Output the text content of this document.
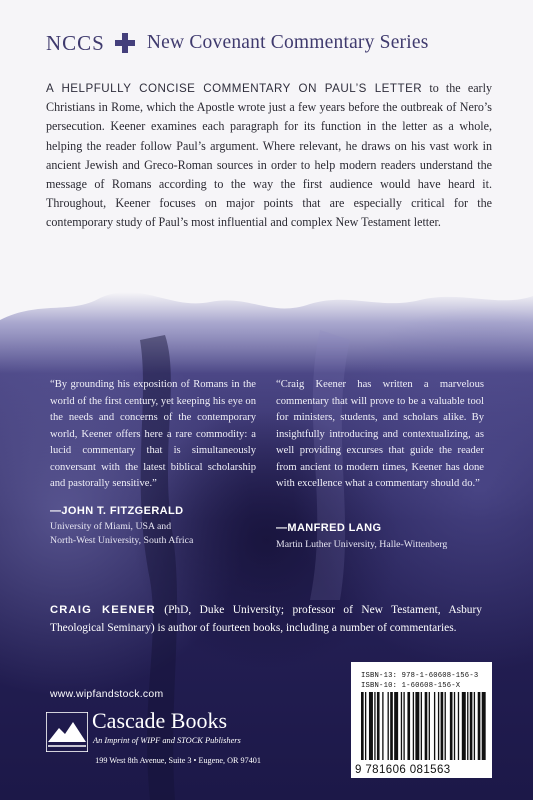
NCCS New Covenant Commentary Series

A HELPFULLY CONCISE COMMENTARY ON PAUL’S LETTER to the early Christians in Rome, which the Apostle wrote just a few years before the outbreak of Nero’s persecution. Keener examines each paragraph for its function in the letter as a whole, helping the reader follow Paul’s argument. Where relevant, he draws on his vast work in ancient Jewish and Greco-Roman sources in order to help modern readers understand the message of Romans according to the way the first audience would have heard it. Throughout, Keener focuses on major points that are especially critical for the contemporary study of Paul’s most influential and complex New Testament letter.

“By grounding his exposition of Romans in the world of the first century, yet keeping his eye on the needs and concerns of the contemporary world, Keener offers here a rare commodity: a lucid commentary that is simultaneously conversant with the latest biblical scholarship and pastorally sensitive.”

—JOHN T. FITZGERALD
University of Miami, USA and
North-West University, South Africa

“Craig Keener has written a marvelous commentary that will prove to be a valuable tool for ministers, students, and scholars alike. By insightfully introducing and contextualizing, as well providing excurses that guide the reader from ancient to modern times, Keener has done with excellence what a commentary should do.”

—MANFRED LANG
Martin Luther University, Halle-Wittenberg

CRAIG KEENER (PhD, Duke University; professor of New Testament, Asbury Theological Seminary) is author of fourteen books, including a number of commentaries.

www.wipfandstock.com
Cascade Books
An Imprint of WIPF and STOCK Publishers
199 West 8th Avenue, Suite 3 • Eugene, OR 97401
ISBN-13: 978-1-60608-156-3
ISBN-10: 1-60608-156-X
9 781606 081563
